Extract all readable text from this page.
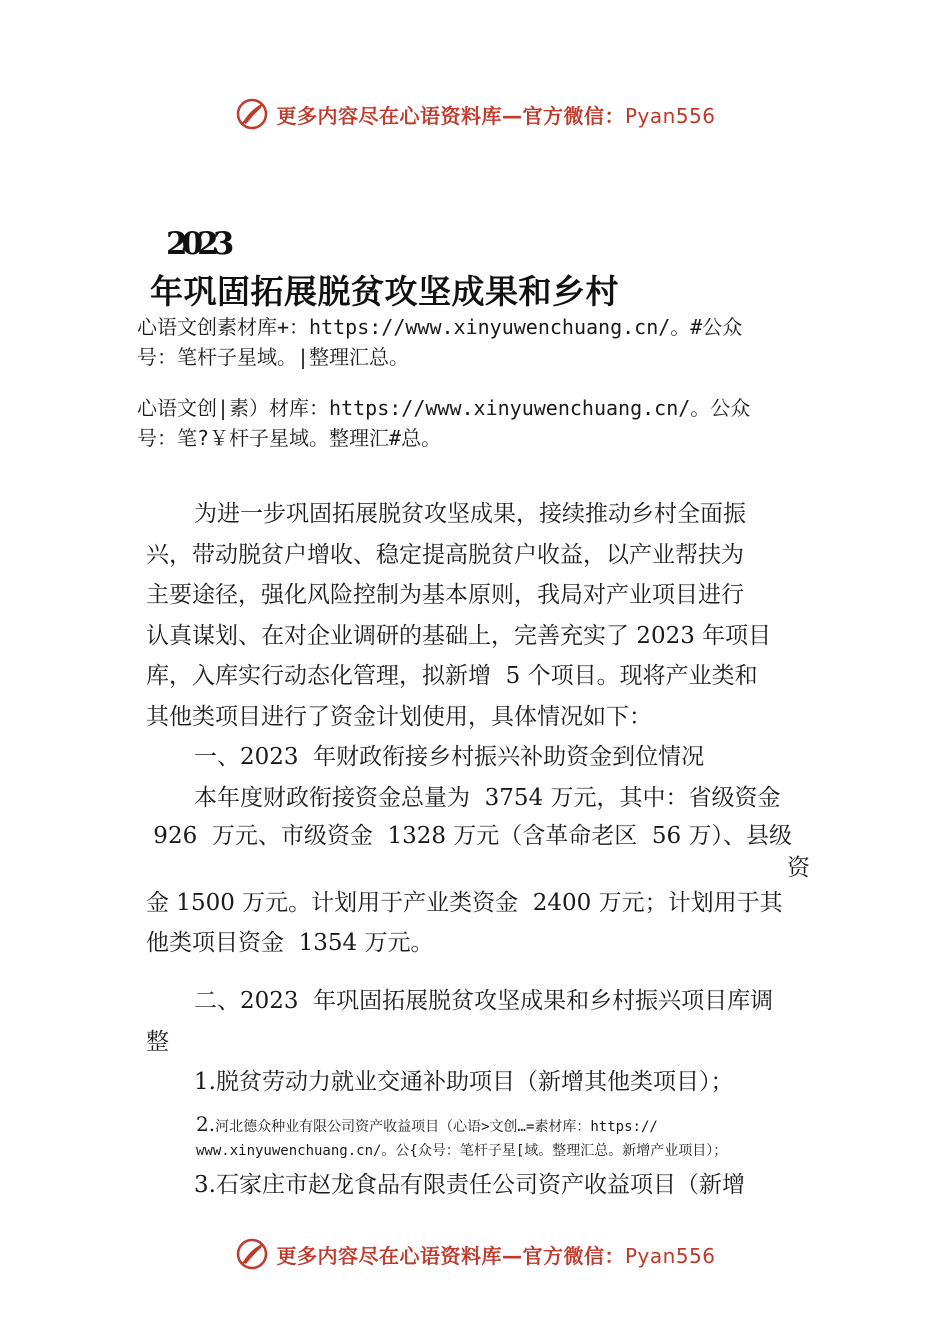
更多内容尽在心语资料库—官方微信：Pyan556
2023
年巩固拓展脱贫攻坚成果和乡村
心语文创素材库+：https://www.xinyuwenchuang.cn/。#公众
号：笔杆子星域。|整理汇总。
心语文创|素）材库：https://www.xinyuwenchuang.cn/。公众
号：笔?￥杆子星域。整理汇#总。
为进一步巩固拓展脱贫攻坚成果，接续推动乡村全面振
兴，带动脱贫户增收、稳定提高脱贫户收益，以产业帮扶为
主要途径，强化风险控制为基本原则，我局对产业项目进行
认真谋划、在对企业调研的基础上，完善充实了 2023 年项目
库，入库实行动态化管理，拟新增  5 个项目。现将产业类和
其他类项目进行了资金计划使用，具体情况如下：
一、2023  年财政衔接乡村振兴补助资金到位情况
本年度财政衔接资金总量为  3754 万元，其中：省级资金
926  万元、市级资金  1328 万元（含革命老区  56 万）、县级
资
金 1500 万元。计划用于产业类资金  2400 万元；计划用于其
他类项目资金  1354 万元。
二、2023  年巩固拓展脱贫攻坚成果和乡村振兴项目库调
整
1.脱贫劳动力就业交通补助项目（新增其他类项目）；
2.河北德众种业有限公司资产收益项目（心语>文创…=素材库：https://
www.xinyuwenchuang.cn/。公{众号：笔杆子星[域。整理汇总。新增产业项目）；
3.石家庄市赵龙食品有限责任公司资产收益项目（新增
更多内容尽在心语资料库—官方微信：Pyan556
